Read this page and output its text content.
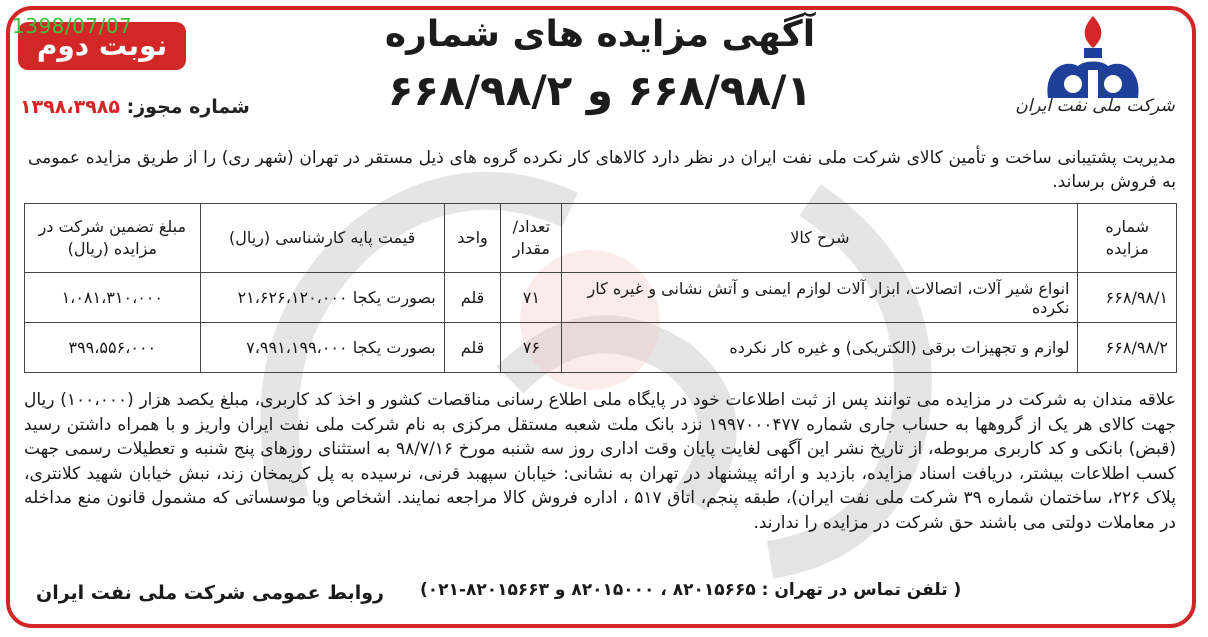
1398/07/07
نوبت دوم
شماره مجوز: ۱۳۹۸،۳۹۸۵
آگهی مزایده های شماره
۶۶۸/۹۸/۱ و ۶۶۸/۹۸/۲	شرکت ملی نفت ایران
مدیریت پشتیبانی ساخت و تأمین کالای شرکت ملی نفت ایران در نظر دارد کالاهای کار نکرده گروه های ذیل مستقر در تهران (شهر ری) را از طریق مزایده عمومی به فروش برساند.
شماره مزایده	شرح کالا	تعداد/ مقدار	واحد	قیمت پایه کارشناسی (ریال)	مبلغ تضمین شرکت در مزایده (ریال)
۶۶۸/۹۸/۱	انواع شیر آلات، اتصالات، ابزار آلات لوازم ایمنی و آتش نشانی و غیره کار نکرده	۷۱	قلم	بصورت یکجا ۲۱،۶۲۶،۱۲۰،۰۰۰	۱،۰۸۱،۳۱۰،۰۰۰
۶۶۸/۹۸/۲	لوازم و تجهیزات برقی (الکتریکی) و غیره کار نکرده	۷۶	قلم	بصورت یکجا ۷،۹۹۱،۱۹۹،۰۰۰	۳۹۹،۵۵۶،۰۰۰
علاقه مندان به شرکت در مزایده می توانند پس از ثبت اطلاعات خود در پایگاه ملی اطلاع رسانی مناقصات کشور و اخذ کد کاربری، مبلغ یکصد هزار (۱۰۰،۰۰۰) ریال جهت کالای هر یک از گروهها به حساب جاری شماره ۱۹۹۷۰۰۰۴۷۷ نزد بانک ملت شعبه مستقل مرکزی به نام شرکت ملی نفت ایران واریز و با همراه داشتن رسید (قبض) بانکی و کد کاربری مربوطه، از تاریخ نشر این آگهی لغایت پایان وقت اداری روز سه شنبه مورخ ۹۸/۷/۱۶ به استثنای روزهای پنج شنبه و تعطیلات رسمی جهت کسب اطلاعات بیشتر، دریافت اسناد مزایده، بازدید و ارائه پیشنهاد در تهران به نشانی: خیابان سپهبد قرنی، نرسیده به پل کریمخان زند، نبش خیابان شهید کلانتری، پلاک ۲۲۶، ساختمان شماره ۳۹ شرکت ملی نفت ایران)، طبقه پنجم، اتاق ۵۱۷ ، اداره فروش کالا مراجعه نمایند. اشخاص ویا موسساتی که مشمول قانون منع مداخله در معاملات دولتی می باشند حق شرکت در مزایده را ندارند.
( تلفن تماس در تهران : ۸۲۰۱۵۶۶۵ ، ۸۲۰۱۵۰۰۰ و ۸۲۰۱۵۶۶۳-۰۲۱)
روابط عمومی شرکت ملی نفت ایران
